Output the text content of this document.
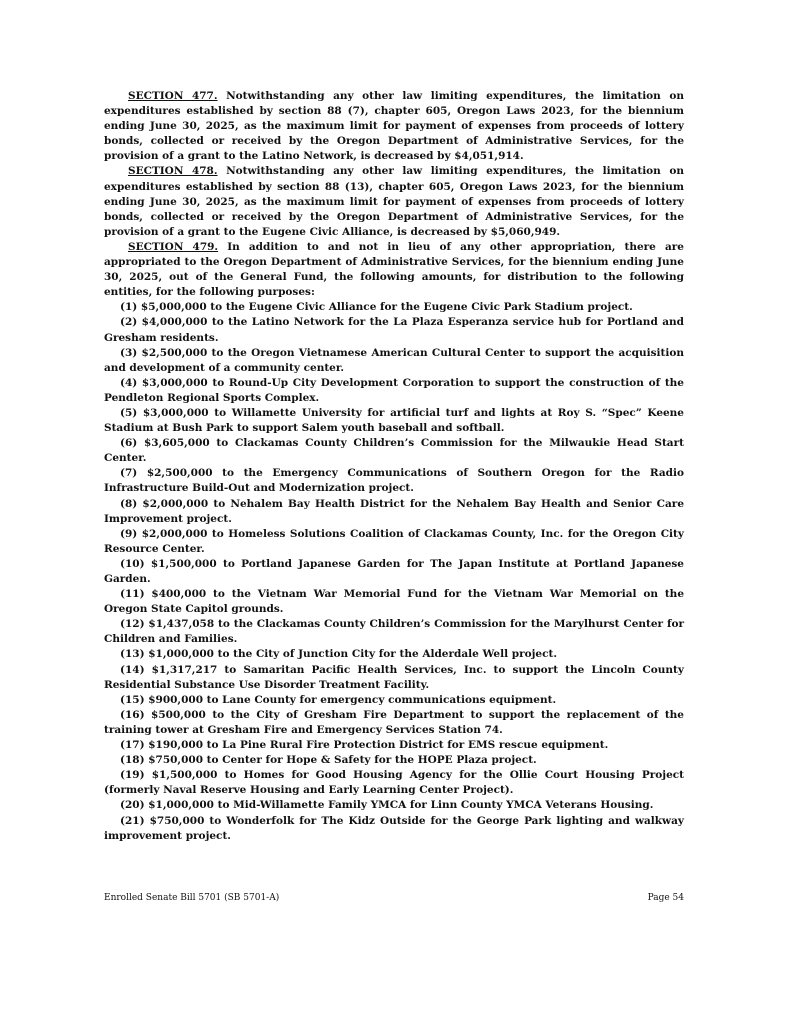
SECTION 477. Notwithstanding any other law limiting expenditures, the limitation on expenditures established by section 88 (7), chapter 605, Oregon Laws 2023, for the biennium ending June 30, 2025, as the maximum limit for payment of expenses from proceeds of lottery bonds, collected or received by the Oregon Department of Administrative Services, for the provision of a grant to the Latino Network, is decreased by $4,051,914.

SECTION 478. Notwithstanding any other law limiting expenditures, the limitation on expenditures established by section 88 (13), chapter 605, Oregon Laws 2023, for the biennium ending June 30, 2025, as the maximum limit for payment of expenses from proceeds of lottery bonds, collected or received by the Oregon Department of Administrative Services, for the provision of a grant to the Eugene Civic Alliance, is decreased by $5,060,949.

SECTION 479. In addition to and not in lieu of any other appropriation, there are appropriated to the Oregon Department of Administrative Services, for the biennium ending June 30, 2025, out of the General Fund, the following amounts, for distribution to the following entities, for the following purposes:

(1) $5,000,000 to the Eugene Civic Alliance for the Eugene Civic Park Stadium project.

(2) $4,000,000 to the Latino Network for the La Plaza Esperanza service hub for Portland and Gresham residents.

(3) $2,500,000 to the Oregon Vietnamese American Cultural Center to support the acquisition and development of a community center.

(4) $3,000,000 to Round-Up City Development Corporation to support the construction of the Pendleton Regional Sports Complex.

(5) $3,000,000 to Willamette University for artificial turf and lights at Roy S. “Spec” Keene Stadium at Bush Park to support Salem youth baseball and softball.

(6) $3,605,000 to Clackamas County Children’s Commission for the Milwaukie Head Start Center.

(7) $2,500,000 to the Emergency Communications of Southern Oregon for the Radio Infrastructure Build-Out and Modernization project.

(8) $2,000,000 to Nehalem Bay Health District for the Nehalem Bay Health and Senior Care Improvement project.

(9) $2,000,000 to Homeless Solutions Coalition of Clackamas County, Inc. for the Oregon City Resource Center.

(10) $1,500,000 to Portland Japanese Garden for The Japan Institute at Portland Japanese Garden.

(11) $400,000 to the Vietnam War Memorial Fund for the Vietnam War Memorial on the Oregon State Capitol grounds.

(12) $1,437,058 to the Clackamas County Children’s Commission for the Marylhurst Center for Children and Families.

(13) $1,000,000 to the City of Junction City for the Alderdale Well project.

(14) $1,317,217 to Samaritan Pacific Health Services, Inc. to support the Lincoln County Residential Substance Use Disorder Treatment Facility.

(15) $900,000 to Lane County for emergency communications equipment.

(16) $500,000 to the City of Gresham Fire Department to support the replacement of the training tower at Gresham Fire and Emergency Services Station 74.

(17) $190,000 to La Pine Rural Fire Protection District for EMS rescue equipment.

(18) $750,000 to Center for Hope & Safety for the HOPE Plaza project.

(19) $1,500,000 to Homes for Good Housing Agency for the Ollie Court Housing Project (formerly Naval Reserve Housing and Early Learning Center Project).

(20) $1,000,000 to Mid-Willamette Family YMCA for Linn County YMCA Veterans Housing.

(21) $750,000 to Wonderfolk for The Kidz Outside for the George Park lighting and walkway improvement project.

Enrolled Senate Bill 5701 (SB 5701-A)	Page 54
